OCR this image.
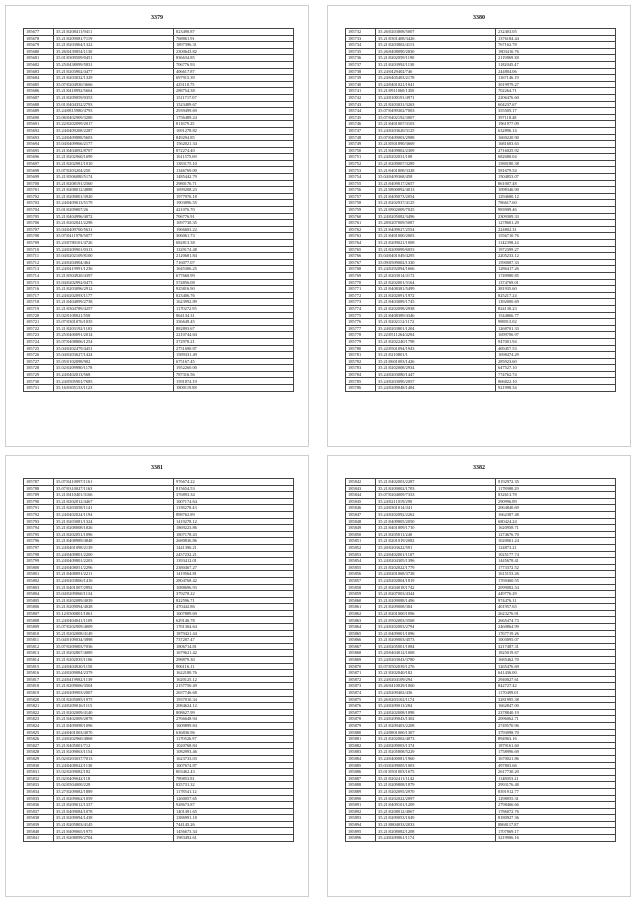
3379
185677	35.21/0208411/9411	823490.87
185678	35.21/0209081/7119	768861.91
185679	35.21/0203964/1322	1897396.31
185680	35.26/0439854/1130	2300643.82
185681	35.01/0309509/0451	836634.85
185682	35.25/0438099/5831	706776.93
185683	35.21/0203902/4477	406617.87
185684	35.21/0203032/1329	697915.39
185685	35.07/0204930/3666	425110.75
185686	35.21/0418992/5664	288754.38
185687	35.21/0209059/0353	1511717.07
185688	35.01/0404352/2793	1523489.67
185689	35.24/0815980/4793	2939499.69
185690	35.06/0402909/3280	1756489.24
185691	35.22/0202099/2017	811679.25
185692	35.24/0409208/2287	1691278.82
185693	35.24/0409888/5603	849294.85
185694	35.04/0409966/2177	1562021.34
185695	35.21/0404092/8707	872274.40
185696	35.21/0202960/1699	1611575.69
185697	35.21/0202981/1010	1383175.10
185698	35.07/0203204/250	1346769.00
185699	35.21/0506080/5174	1485442.79
185700	35.21/0208191/2560	2980176.71
185701	35.21/0208012/4888	1699208.23
185702	35.21/0209001/3920	1977976.18
185703	35.24/0409013/5179	1903896.55
185704	35.01/0209807/26	421076.70
185705	35.21/0404996/4072	706776.91
185706	35.21/0202041/2298	1697730.35
185707	35.04/0409700/5631	1966603.22
185708	35.07/0411978/5077	306061.73
185709	35.23/0780101/4726	682813.38
185710	35.24/0209901/0313	1329174.48
185711	35.04/0202109/8100	2120681.84
185712	35.24/0204904/464	716077.07
185713	35.24/0419991/1236	1645306.25
185714	35.21/0504920/4397	677660.99
185715	35.04/0202992/0473	574856.08
185716	35.21/0203096/2912	925816.90
185717	35.24/0202093/1177	823406.76
185718	35.21/0404099/2738	1623992.89
185719	35.21/0304789/4257	1170272.95
185720	35.02/0108021/558	864134.31
185721	35.07/0301076/1035	356649.45
185722	35.21/0203192/1103	882893.67
185723	35.25/0400091/2014	2210744.84
185724	35.07/0408806/1254	372978.21
185725	35.04/0202479/4451	2751690.87
185726	35.04/0203627/1424	1589331.49
185727	35.05/0102098/902	675167.45
185728	35.02/0209980/1178	1952260.00
185729	35.24/0402013/568	787316.56
185730	35.24/0505901/7685	1591874.19
185731	35.16/0305133/1123	1800119.88
3380
185732	35.26/0203808/5007	232403.05
185733	35.21/0301408/3426	1376184.44
185734	35.21/0203802/4113	767162.78
185735	35.26/0408090/2830	1803416.76
185736	35.21/0202059/1190	2119869.38
185737	35.21/0203992/1130	1182045.47
185738	35.24/0429402/746	244804.06
185739	35.24/0405403/2178	1167146.19
185740	35.24/0401021/1041	3019979.27
185741	35.21/0911060/1450	702264.71
185742	35.24/0100191/4971	2206476.60
185743	35.21/0203031/3263	604237.67
185744	35.07/0499302/7003	355505.17
185745	35.07/0402192/3007	397118.48
185746	35.21/0401007/3103	1961977.09
185747	35.24/0203620/3125	632896.14
185748	35.07/0409003/2988	1669220.90
185749	35.21/0501890/3669	1681603.63
185750	35.21/0409802/2309	2716025.92
185751	35.24/0202031/108	682680.04
185752	35.21/0209007/3289	1580180.38
185753	35.21/0401808/3328	581679.54
185754	35.04/0409368/458	1504853.07
185755	35.21/0409017/2657	861007.48
185756	35.21/0800892/4013	1098346.90
185757	35.21/0409073/2054	1294680.12
185758	35.21/0202937/4125	786617.60
185759	35.21/0902009/7025	983909.46
185760	35.24/0205082/3496	2309309.33
185761	35.28/0207009/5087	1278601.29
185762	35.21/0409027/2554	224802.31
185763	35.21/0401000/2003	1556710.76
185764	35.21/0209021/1008	1142398.24
185765	35.21/0209099/6053	1972399.27
185766	35.04/0401049/4295	2205233.12
185767	35.09/0509002/1330	1590007.33
185768	35.24/0292094/1666	1286417.26
185769	35.21/0203014/3172	1749980.85
185770	35.21/0202001/3164	1374769.01
185771	35.21/0408381/5499	381935.60
185772	35.21/0202091/1972	825217.24
185773	35.21/0403089/1745	1392000.69
185774	35.21/0202098/2938	824130.23
185775	35.21/0408389/4346	1544866.77
185776	35.21/0202112/1172	988913.02
185777	35.24/0203801/1204	1268701.33
185778	35.22/0511264/4294	1699706.97
185779	35.21/0202240/1798	947001.94
185780	35.22/0501094/1943	469457.53
185781	35.21/0210801/1	1698474.29
185782	35.21/0601003/1426	285923.60
185783	35.21/0202008/2934	647527.10
185784	35.24/0203080/1447	774762.74
185785	35.24/0203090/2057	866822.10
185786	35.24/0209048/1484	921998.34
3381
185787	35.07/0410097/1161	976674.22
185788	35.07/0310027/1163	815654.53
185789	35.21/0410401/3166	376893.34
185790	35.21/0202012/4467	1607174.64
185791	35.21/0203058/1141	1158278.43
185792	35.24/0402024/1194	898762.89
185793	35.21/0203081/1324	1419278.12
185794	35.21/0208008/1826	1869223.86
185795	35.21/0202051/1096	1807178.43
185796	35.21/0408989/4848	2680836.86
185797	35.24/0401098/2139	1441396.21
185798	35.24/0409801/2200	2457232.21
185799	35.24/0409801/2203	1393412.01
185800	35.24/0408051/2296	2380467.27
185801	35.21/0408091/2211	1419564.81
185802	35.24/0203806/1416	2804768.42
185803	35.21/0401007/2992	1088696.93
185804	35.04/0209060/1134	379278.22
185805	35.21/0202089/4039	822596.71
185806	35.21/0209094/4028	470442.86
185807	35.12/0300801/1061	1607889.69
185808	35.24/0404041/1109	629146.78
185809	35.07/0202909/4009	1761364.64
185810	35.21/0202008/4149	1879421.44
185811	35.04/0109034/3898	737287.47
185812	35.07/0209003/7036	1806714.81
185813	35.21/0202807/4089	1679621.42
185814	35.21/0202035/1106	298879.30
185815	35.24/0404920/1150	906116.11
185816	35.24/0209084/2379	1622180.76
185817	35.24/0419982/1139	1620125.12
185818	35.21/0209006/3504	2157750.49
185819	35.24/0209903/2007	2657746.68
185820	35.01/0205085/1975	1937010.34
185821	35.24/0209016/1115	2084624.12
185822	35.21/0202009/4140	808627.99
185823	35.21/0402009/2878	2766648.94
185824	35.21/0409098/1096	1609899.84
185825	35.24/0401003/4070	636836.96
185826	35.24/0202960/4868	1170526.97
185827	35.21/0405001/712	1020768.84
185828	35.21/0209063/1154	1082993.46
185829	35.02/0203037/7013	1623733.03
185830	35.24/0408022/1130	1607674.87
185831	35.02/0209082/182	803462.43
185832	35.02/0409042/118	789853.81
185833	35.02/0504000/228	825731.32
185834	35.27/0209082/1889	1178541.12
185835	35.21/0209062/1059	1260057.65
185836	35.21/0209012/1337	928673.87
185837	35.21/0409084/1078	1401491.65
185838	35.21/0209094/1438	1386991.18
185839	35.21/0205803/4145	744145.26
185840	35.21/0409065/1975	1456673.34
185841	35.21/0208099/2704	1983492.61
3382
185842	35.21/0402003/2287	8192972.35
185843	35.21/0209002/1703	1178980.29
185844	35.07/0204009/7333	832613.78
185845	35.24/0211019/290	290996.89
185846	35.24/0301014/341	2064840.69
185847	35.24/0202092/2262	1662387.48
185848	35.21/0409805/2050	680424.24
185849	35.21/0401809/1710	1620958.71
185850	35.21/0205011/240	1274676.70
185851	35.21/0201019/2082	1020061.24
185852	35.20/0203622/591	124873.21
185853	35.24/0402001/1107	1025177.74
185854	35.24/0204305/1396	1445678.41
185855	35.21/0202022/1779	1773372.52
185856	35.24/0201068/3728	1615153.26
185857	35.24/0202804/1819	1769460.55
185858	35.21/0204018/1742	2099082.54
185859	35.21/0207003/4344	449776.29
185860	35.21/0209088/1496	974476.11
185861	35.21/0209008/304	401957.65
185862	35.21/0201000/1096	2623276.91
185863	35.21/0502003/3568	2665474.73
185864	35.24/0202003/2794	2460864.99
185865	35.21/0409001/1096	1767719.26
185866	35.21/0209003/4573	1003095.07
185867	35.24/0205001/1084	3217487.31
185868	35.20/0404012/1068	1825019.67
185869	35.24/0203043/3780	1685462.70
185870	35.07/0502039/1276	1265476.69
185871	35.21/0202040/182	641436.00
185872	35.24/0204109/294	2940027.61
185873	35.26/0410029/1060	842727.42
185874	35.24/0209402/436	1170499.01
185875	35.26/0203102/1174	3281995.38
185876	35.24/0209011/284	1662847.00
185877	35.24/0202008/1898	2378840.19
185878	35.24/0209043/1302	2096062.71
185879	35.21/0209403/2208	2749570.96
185880	35.24/0801000/1307	3793098.70
185881	35.21/0202002/4073	894963.16
185882	35.24/0209003/1374	1879161.60
185883	35.21/0205808/5229	1758996.69
185884	35.24/0400081/1960	1670021.86
185885	35.03/0209005/1003	497803.66
185886	35.01/0501003/1675	2617730.20
185887	35.21/0202411/1142	1148053.21
185888	35.21/0209808/1879	2993176.48
185889	35.21/0202095/2970	8391912.77
185890	35.21/0202022/2097	1298055.31
185891	35.21/0409101/1209	2798466.66
185892	35.21/0208012/4067	1786072.76
185893	35.21/0209053/1049	8180927.36
185894	35.21/0804033/2033	8868117.87
185895	35.21/0208082/1208	1707869.17
185896	35.24/0209061/1174	3219906.16
